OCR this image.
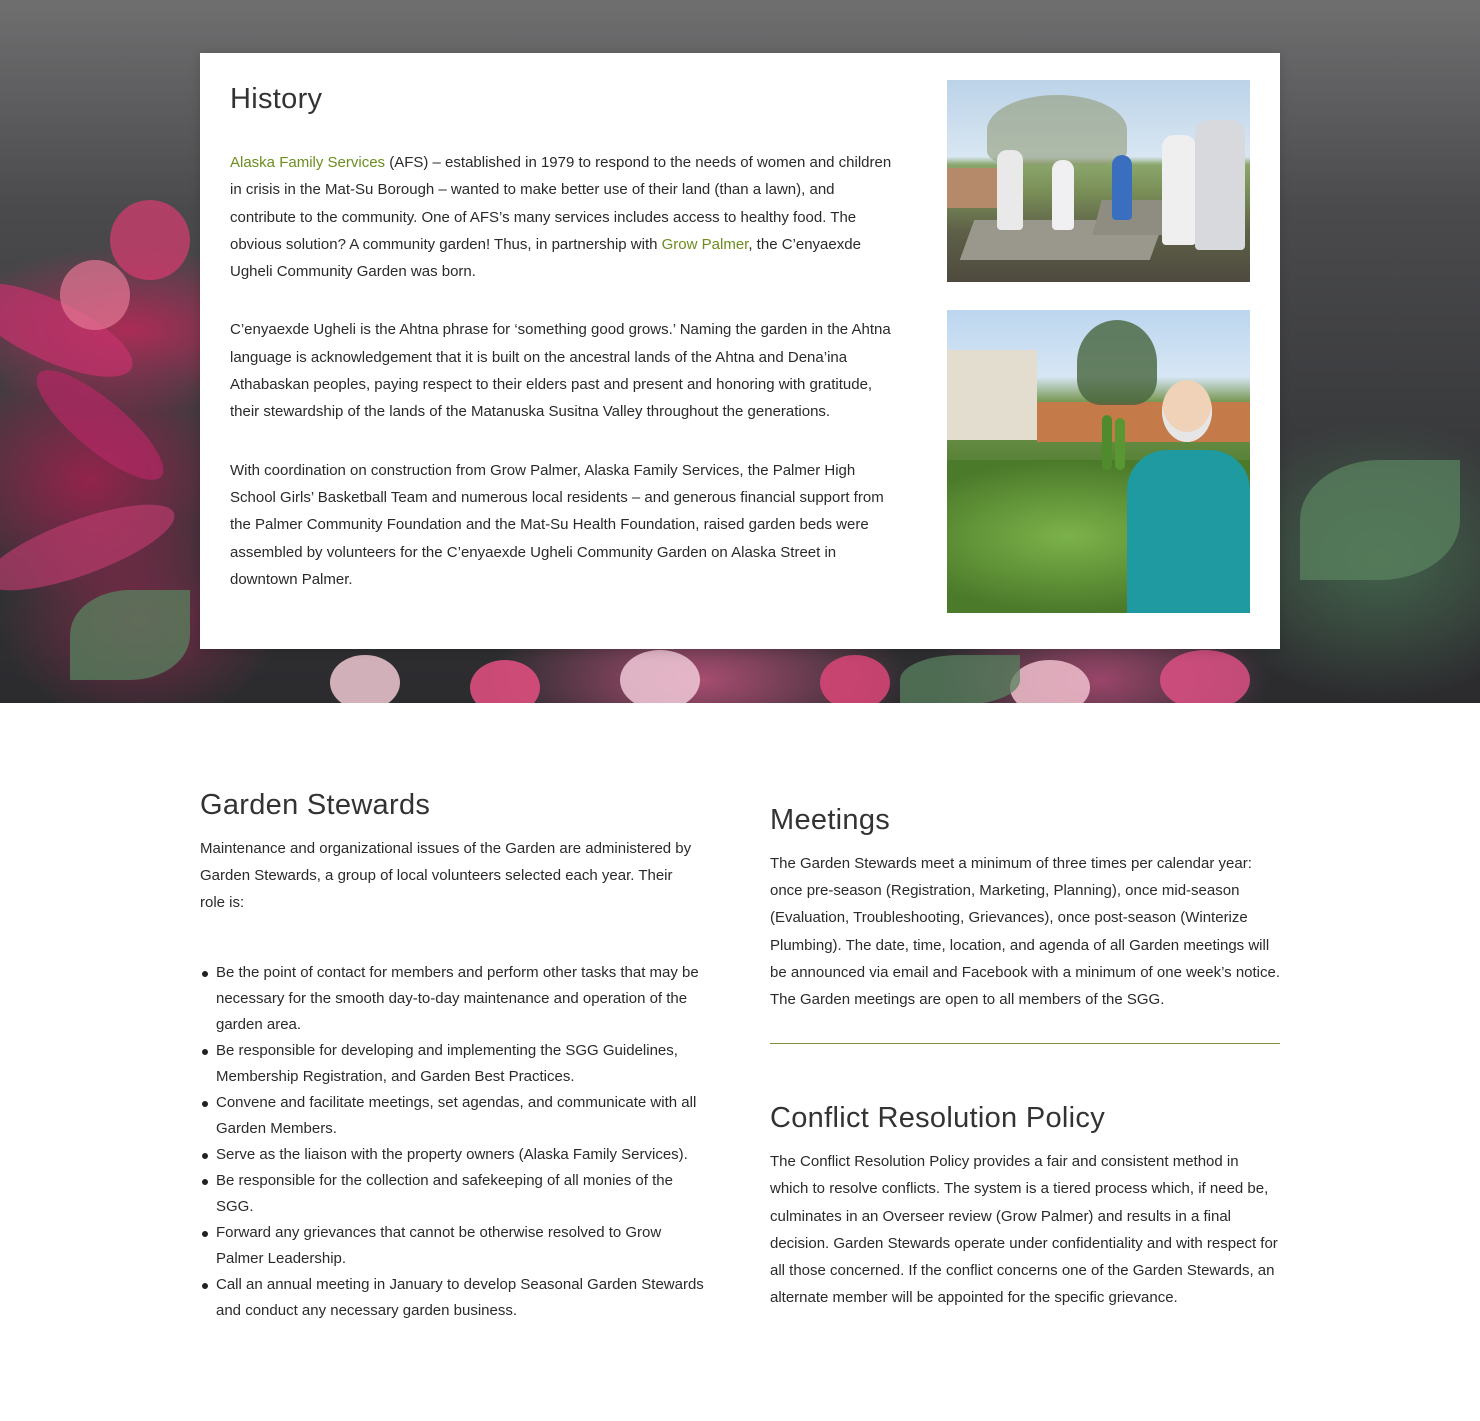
History

Alaska Family Services (AFS) – established in 1979 to respond to the needs of women and children in crisis in the Mat-Su Borough – wanted to make better use of their land (than a lawn), and contribute to the community. One of AFS’s many services includes access to healthy food. The obvious solution? A community garden! Thus, in partnership with Grow Palmer, the C’enyaexde Ugheli Community Garden was born.

C’enyaexde Ugheli is the Ahtna phrase for ‘something good grows.’ Naming the garden in the Ahtna language is acknowledgement that it is built on the ancestral lands of the Ahtna and Dena’ina Athabaskan peoples, paying respect to their elders past and present and honoring with gratitude, their stewardship of the lands of the Matanuska Susitna Valley throughout the generations.

With coordination on construction from Grow Palmer, Alaska Family Services, the Palmer High School Girls’ Basketball Team and numerous local residents – and generous financial support from the Palmer Community Foundation and the Mat-Su Health Foundation, raised garden beds were assembled by volunteers for the C’enyaexde Ugheli Community Garden on Alaska Street in downtown Palmer.

Garden Stewards

Maintenance and organizational issues of the Garden are administered by Garden Stewards, a group of local volunteers selected each year. Their role is:

Be the point of contact for members and perform other tasks that may be necessary for the smooth day-to-day maintenance and operation of the garden area.
Be responsible for developing and implementing the SGG Guidelines, Membership Registration, and Garden Best Practices.
Convene and facilitate meetings, set agendas, and communicate with all Garden Members.
Serve as the liaison with the property owners (Alaska Family Services).
Be responsible for the collection and safekeeping of all monies of the SGG.
Forward any grievances that cannot be otherwise resolved to Grow Palmer Leadership.
Call an annual meeting in January to develop Seasonal Garden Stewards and conduct any necessary garden business.
Meetings

The Garden Stewards meet a minimum of three times per calendar year: once pre-season (Registration, Marketing, Planning), once mid-season (Evaluation, Troubleshooting, Grievances), once post-season (Winterize Plumbing). The date, time, location, and agenda of all Garden meetings will be announced via email and Facebook with a minimum of one week’s notice. The Garden meetings are open to all members of the SGG.

Conflict Resolution Policy

The Conflict Resolution Policy provides a fair and consistent method in which to resolve conflicts. The system is a tiered process which, if need be, culminates in an Overseer review (Grow Palmer) and results in a final decision. Garden Stewards operate under confidentiality and with respect for all those concerned. If the conflict concerns one of the Garden Stewards, an alternate member will be appointed for the specific grievance.
